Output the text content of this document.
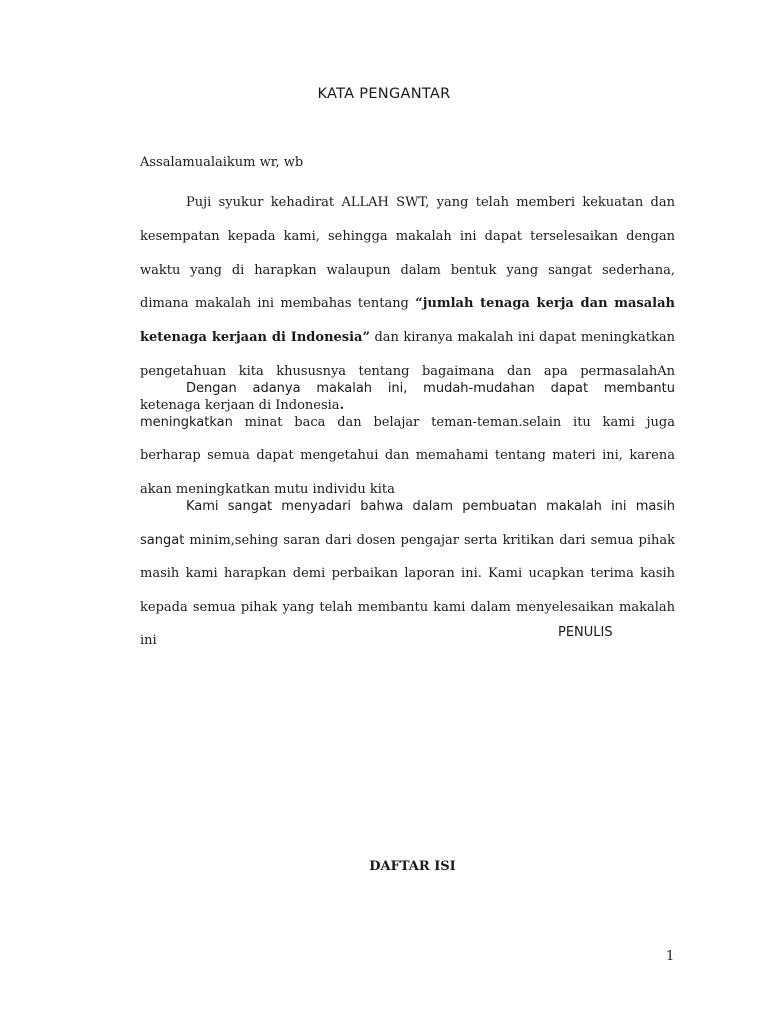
KATA PENGANTAR
Assalamualaikum wr, wb
Puji syukur kehadirat ALLAH SWT, yang telah memberi kekuatan dan kesempatan kepada kami, sehingga makalah ini dapat terselesaikan dengan waktu yang di harapkan walaupun dalam bentuk yang sangat sederhana, dimana makalah ini membahas tentang “jumlah tenaga kerja dan masalah ketenaga kerjaan di Indonesia” dan kiranya makalah ini dapat meningkatkan pengetahuan kita khususnya tentang bagaimana dan apa permasalahAn ketenaga kerjaan di Indonesia.
Dengan adanya makalah ini, mudah-mudahan dapat membantu meningkatkan minat baca dan belajar teman-teman.selain itu kami juga berharap semua dapat mengetahui dan memahami tentang materi ini, karena akan meningkatkan mutu individu kita
Kami sangat menyadari bahwa dalam pembuatan makalah ini masih sangat minim,sehing saran dari dosen pengajar serta kritikan dari semua pihak masih kami harapkan demi perbaikan laporan ini. Kami ucapkan terima kasih kepada semua pihak yang telah membantu kami dalam menyelesaikan makalah ini
PENULIS
DAFTAR ISI
1
